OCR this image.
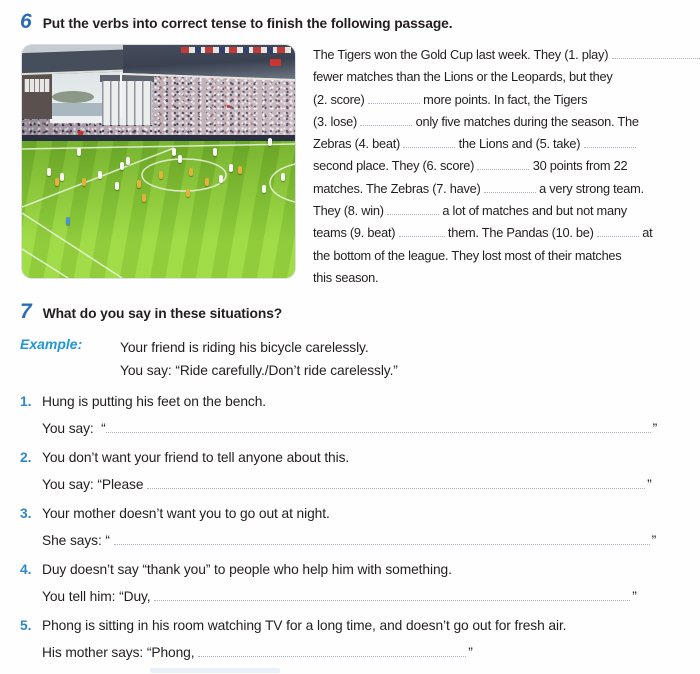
6 Put the verbs into correct tense to finish the following passage.
The Tigers won the Gold Cup last week. They (1. play)
fewer matches than the Lions or the Leopards, but they
(2. score)	more points. In fact, the Tigers
(3. lose)	only five matches during the season. The
Zebras (4. beat)	the Lions and (5. take)
second place. They (6. score)	30 points from 22
matches. The Zebras (7. have)	a very strong team.
They (8. win)	a lot of matches and but not many
teams (9. beat)	them. The Pandas (10. be)	at
the bottom of the league. They lost most of their matches
this season.
7 What do you say in these situations?
Example:	Your friend is riding his bicycle carelessly.
You say: “Ride carefully./Don’t ride carelessly.”
1. Hung is putting his feet on the bench.
You say:  “	”
2. You don’t want your friend to tell anyone about this.
You say: “Please	”
3. Your mother doesn’t want you to go out at night.
She says: “	”
4. Duy doesn’t say “thank you” to people who help him with something.
You tell him: “Duy,	”
5. Phong is sitting in his room watching TV for a long time, and doesn’t go out for fresh air.
His mother says: “Phong,	”
